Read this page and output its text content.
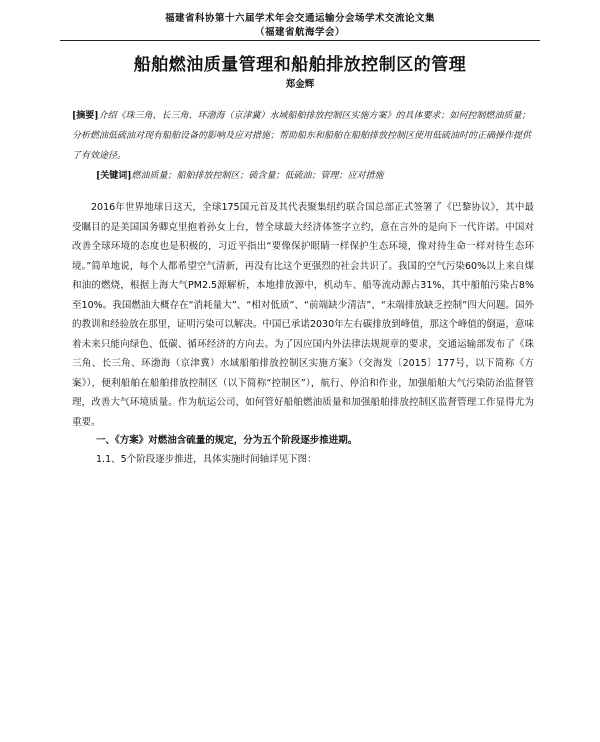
福建省科协第十六届学术年会交通运输分会场学术交流论文集
（福建省航海学会）
船舶燃油质量管理和船舶排放控制区的管理
郑金辉
[摘要]介绍《珠三角、长三角、环渤海（京津冀）水域船舶排放控制区实施方案》的具体要求；如何控制燃油质量；分析燃油低硫油对现有船舶设备的影响及应对措施；帮助船东和船舶在船舶排放控制区使用低硫油时的正确操作提供了有效途径。
[关键词]燃油质量；船舶排放控制区；硫含量；低硫油；管理；应对措施

2016年世界地球日这天，全球175国元首及其代表聚集纽约联合国总部正式签署了《巴黎协议》，其中最受瞩目的是美国国务卿克里抱着孙女上台，替全球最大经济体签字立约，意在言外的是向下一代许诺。中国对改善全球环境的态度也是积极的，习近平指出“要像保护眼睛一样保护生态环境，像对待生命一样对待生态环境。”简单地说，每个人都希望空气清新，再没有比这个更强烈的社会共识了。我国的空气污染60%以上来自煤和油的燃烧，根据上海大气PM2.5源解析，本地排放源中，机动车、船等流动源占31%，其中船舶污染占8%至10%。我国燃油大概存在“消耗量大”、“相对低质”、“前端缺少清洁”、“末端排放缺乏控制”四大问题。国外的教训和经验放在那里，证明污染可以解决。中国已承诺2030年左右碳排放到峰值，那这个峰值的倒逼，意味着未来只能向绿色、低碳、循环经济的方向去。为了因应国内外法律法规规章的要求，交通运输部发布了《珠三角、长三角、环渤海（京津冀）水域船舶排放控制区实施方案》（交海发〔2015〕177号，以下简称《方案》），便利船舶在船舶排放控制区（以下简称“控制区”），航行、停泊和作业，加强船舶大气污染防治监督管理，改善大气环境质量。作为航运公司，如何管好船舶燃油质量和加强船舶排放控制区监督管理工作显得尤为重要。

一、《方案》对燃油含硫量的规定，分为五个阶段逐步推进期。
1.1、5个阶段逐步推进，具体实施时间轴详见下图：
